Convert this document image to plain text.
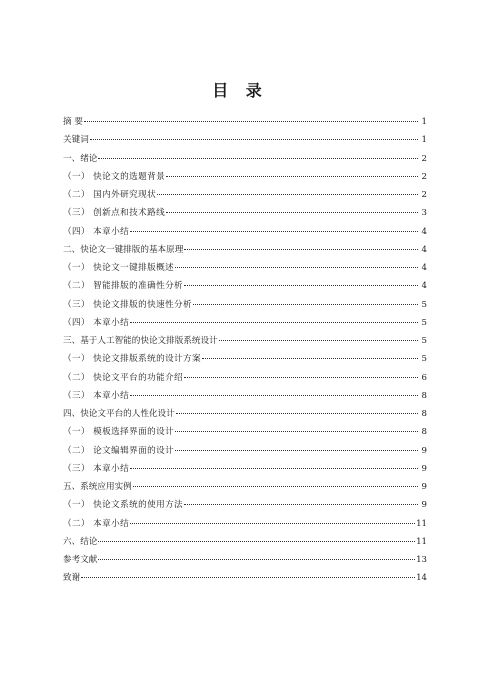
目 录
摘 要	1
关键词	1
一、绪论	2
（一） 快论文的选题背景	2
（二） 国内外研究现状	2
（三） 创新点和技术路线	3
（四） 本章小结	4
二、快论文一键排版的基本原理	4
（一） 快论文一键排版概述	4
（二） 智能排版的准确性分析	4
（三） 快论文排版的快速性分析	5
（四） 本章小结	5
三、基于人工智能的快论文排版系统设计	5
（一） 快论文排版系统的设计方案	5
（二） 快论文平台的功能介绍	6
（三） 本章小结	8
四、快论文平台的人性化设计	8
（一） 模板选择界面的设计	8
（二） 论文编辑界面的设计	9
（三） 本章小结	9
五、系统应用实例	9
（一） 快论文系统的使用方法	9
（二） 本章小结	11
六、结论	11
参考文献	13
致谢	14
